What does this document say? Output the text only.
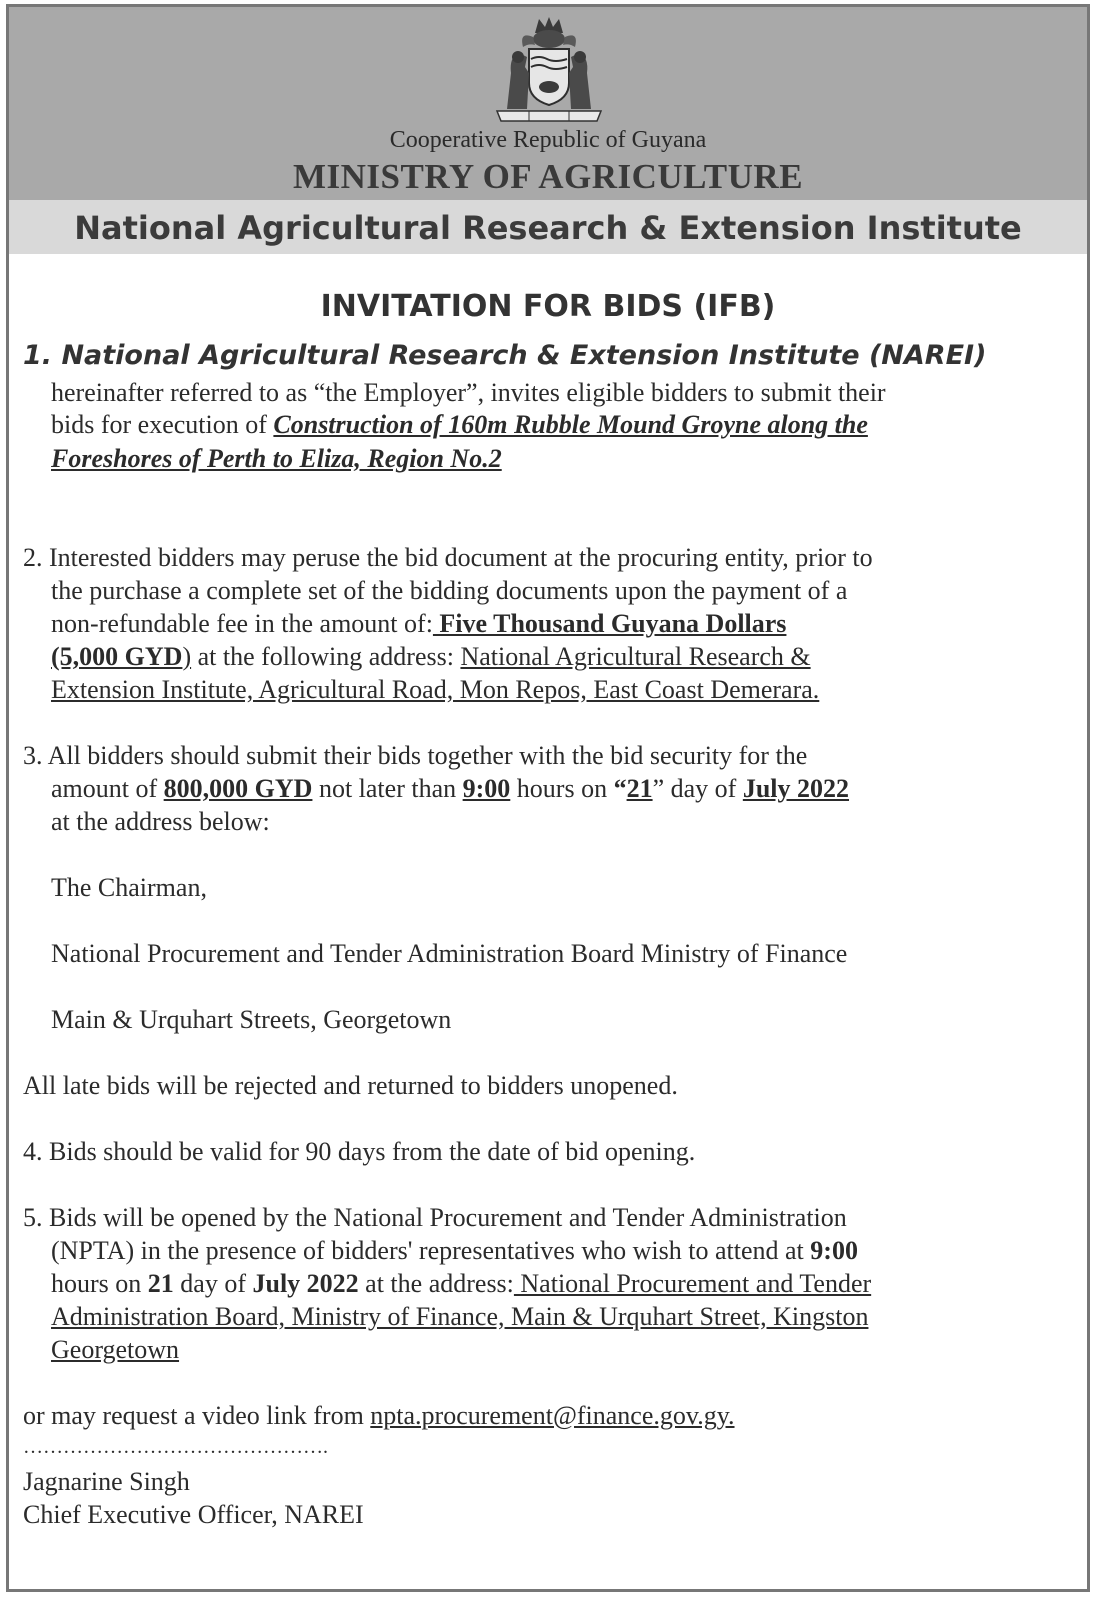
Cooperative Republic of Guyana
MINISTRY OF AGRICULTURE
National Agricultural Research & Extension Institute
INVITATION FOR BIDS (IFB)
1. National Agricultural Research & Extension Institute (NAREI)
hereinafter referred to as “the Employer”, invites eligible bidders to submit their
bids for execution of Construction of 160m Rubble Mound Groyne along the
Foreshores of Perth to Eliza, Region No.2
2. Interested bidders may peruse the bid document at the procuring entity, prior to
the purchase a complete set of the bidding documents upon the payment of a
non-refundable fee in the amount of: Five Thousand Guyana Dollars
(5,000 GYD) at the following address: National Agricultural Research &
Extension Institute, Agricultural Road, Mon Repos, East Coast Demerara.
3. All bidders should submit their bids together with the bid security for the
amount of 800,000 GYD not later than 9:00 hours on “21” day of July 2022
at the address below:
The Chairman,
National Procurement and Tender Administration Board Ministry of Finance
Main & Urquhart Streets, Georgetown
All late bids will be rejected and returned to bidders unopened.
4. Bids should be valid for 90 days from the date of bid opening.
5. Bids will be opened by the National Procurement and Tender Administration
(NPTA) in the presence of bidders' representatives who wish to attend at 9:00
hours on 21 day of July 2022 at the address: National Procurement and Tender
Administration Board, Ministry of Finance, Main & Urquhart Street, Kingston
Georgetown
or may request a video link from npta.procurement@finance.gov.gy.
……………………………………….
Jagnarine Singh
Chief Executive Officer, NAREI
